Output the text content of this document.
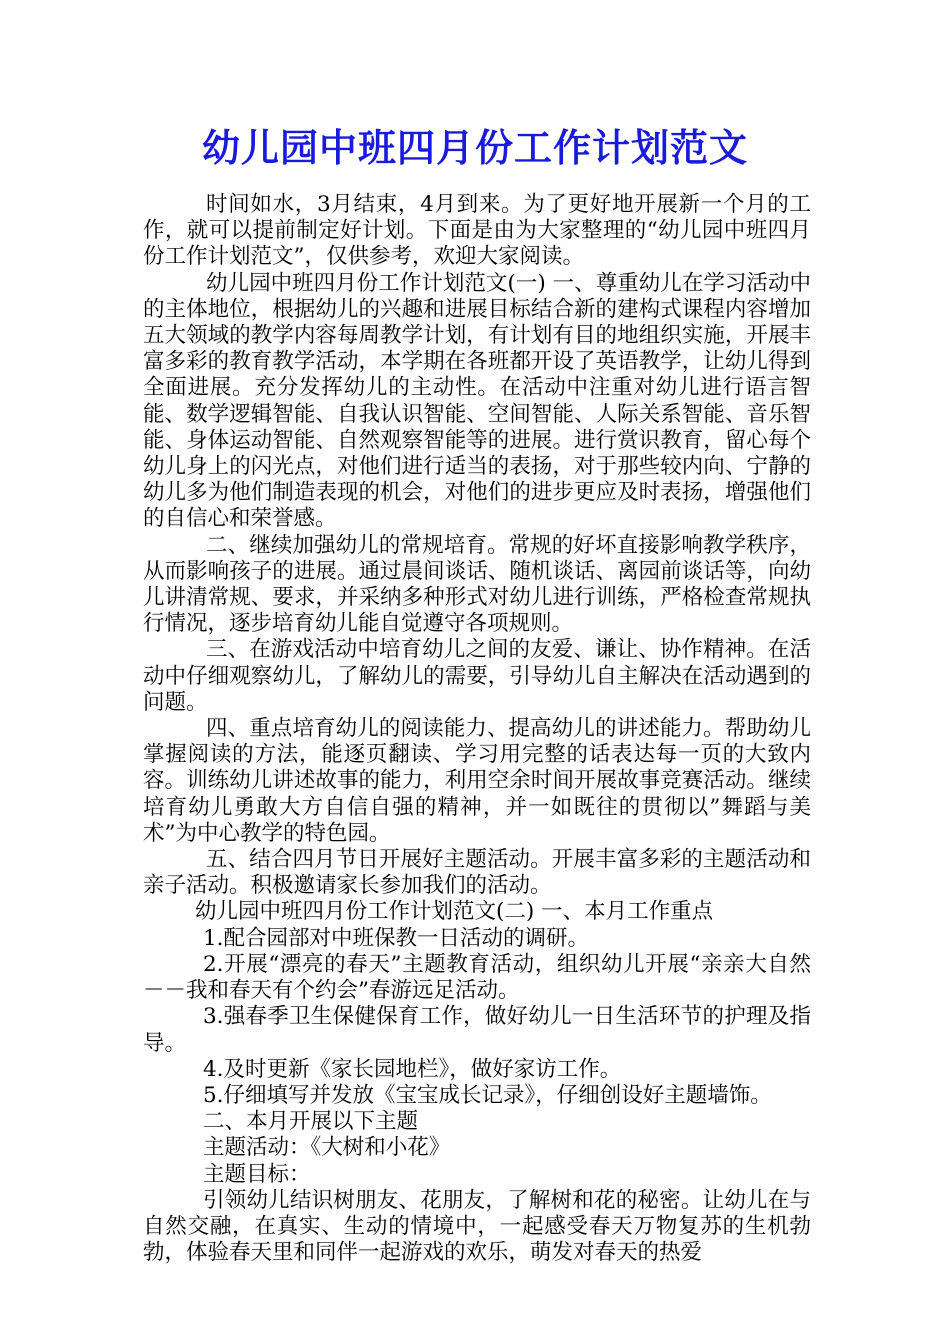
幼儿园中班四月份工作计划范文

时间如水，3月结束，4月到来。为了更好地开展新一个月的工作，就可以提前制定好计划。下面是由为大家整理的“幼儿园中班四月份工作计划范文”，仅供参考，欢迎大家阅读。

幼儿园中班四月份工作计划范文(一) 一、尊重幼儿在学习活动中的主体地位，根据幼儿的兴趣和进展目标结合新的建构式课程内容增加五大领域的教学内容每周教学计划，有计划有目的地组织实施，开展丰富多彩的教育教学活动，本学期在各班都开设了英语教学，让幼儿得到全面进展。充分发挥幼儿的主动性。在活动中注重对幼儿进行语言智能、数学逻辑智能、自我认识智能、空间智能、人际关系智能、音乐智能、身体运动智能、自然观察智能等的进展。进行赏识教育，留心每个幼儿身上的闪光点，对他们进行适当的表扬，对于那些较内向、宁静的幼儿多为他们制造表现的机会，对他们的进步更应及时表扬，增强他们的自信心和荣誉感。

二、继续加强幼儿的常规培育。常规的好坏直接影响教学秩序，从而影响孩子的进展。通过晨间谈话、随机谈话、离园前谈话等，向幼儿讲清常规、要求，并采纳多种形式对幼儿进行训练，严格检查常规执行情况，逐步培育幼儿能自觉遵守各项规则。

三、在游戏活动中培育幼儿之间的友爱、谦让、协作精神。在活动中仔细观察幼儿，了解幼儿的需要，引导幼儿自主解决在活动遇到的问题。

四、重点培育幼儿的阅读能力、提高幼儿的讲述能力。帮助幼儿掌握阅读的方法，能逐页翻读、学习用完整的话表达每一页的大致内容。训练幼儿讲述故事的能力，利用空余时间开展故事竞赛活动。继续培育幼儿勇敢大方自信自强的精神，并一如既往的贯彻以”舞蹈与美术”为中心教学的特色园。

五、结合四月节日开展好主题活动。开展丰富多彩的主题活动和亲子活动。积极邀请家长参加我们的活动。

幼儿园中班四月份工作计划范文(二) 一、本月工作重点

1.配合园部对中班保教一日活动的调研。

2.开展“漂亮的春天”主题教育活动，组织幼儿开展“亲亲大自然－－我和春天有个约会”春游远足活动。

3.强春季卫生保健保育工作，做好幼儿一日生活环节的护理及指导。

4.及时更新《家长园地栏》，做好家访工作。

5.仔细填写并发放《宝宝成长记录》，仔细创设好主题墙饰。

二、本月开展以下主题

主题活动：《大树和小花》

主题目标：

引领幼儿结识树朋友、花朋友，了解树和花的秘密。让幼儿在与自然交融，在真实、生动的情境中，一起感受春天万物复苏的生机勃勃，体验春天里和同伴一起游戏的欢乐，萌发对春天的热爱
